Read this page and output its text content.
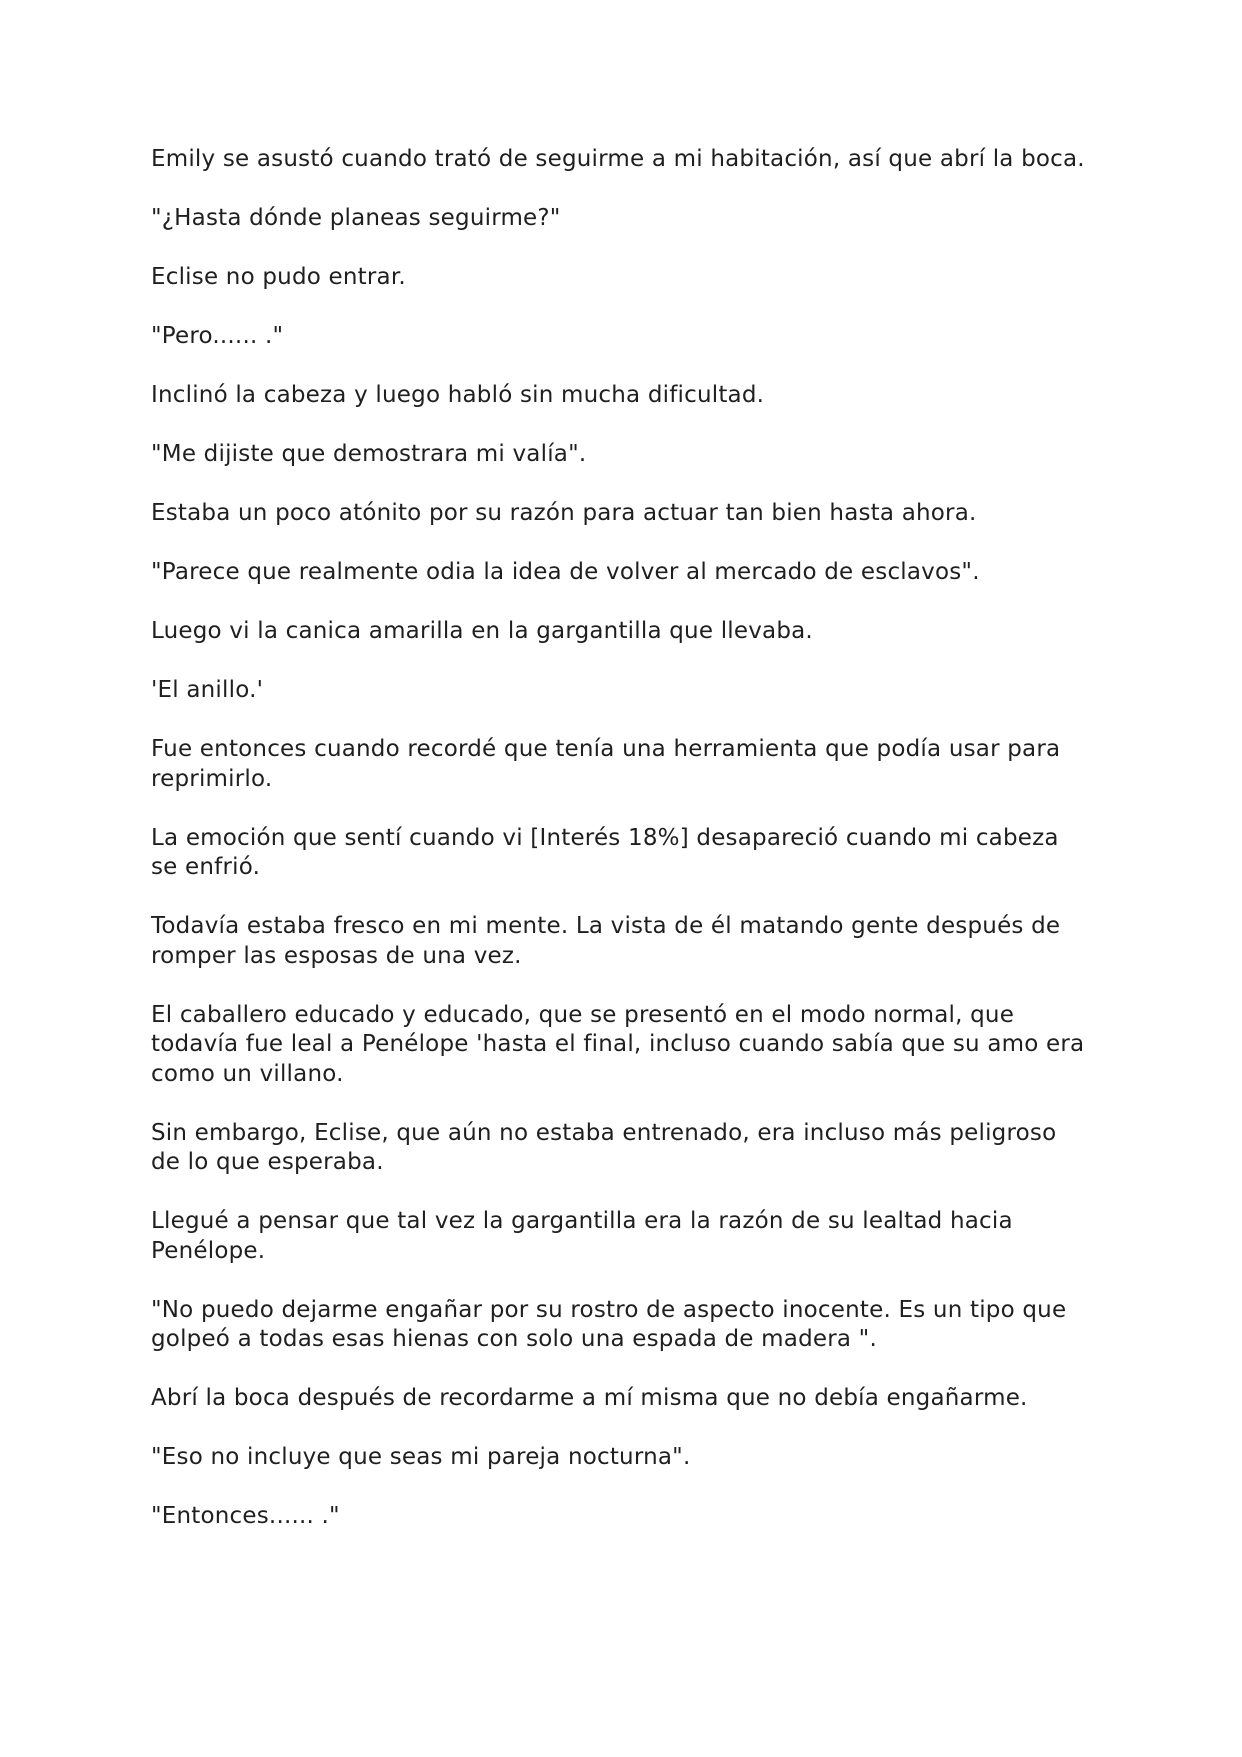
Emily se asustó cuando trató de seguirme a mi habitación, así que abrí la boca.

"¿Hasta dónde planeas seguirme?"

Eclise no pudo entrar.

"Pero...... ."

Inclinó la cabeza y luego habló sin mucha dificultad.

"Me dijiste que demostrara mi valía".

Estaba un poco atónito por su razón para actuar tan bien hasta ahora.

"Parece que realmente odia la idea de volver al mercado de esclavos".

Luego vi la canica amarilla en la gargantilla que llevaba.

'El anillo.'

Fue entonces cuando recordé que tenía una herramienta que podía usar para reprimirlo.

La emoción que sentí cuando vi [Interés 18%] desapareció cuando mi cabeza se enfrió.

Todavía estaba fresco en mi mente. La vista de él matando gente después de romper las esposas de una vez.

El caballero educado y educado, que se presentó en el modo normal, que todavía fue leal a Penélope 'hasta el final, incluso cuando sabía que su amo era como un villano.

Sin embargo, Eclise, que aún no estaba entrenado, era incluso más peligroso de lo que esperaba.

Llegué a pensar que tal vez la gargantilla era la razón de su lealtad hacia Penélope.

"No puedo dejarme engañar por su rostro de aspecto inocente. Es un tipo que golpeó a todas esas hienas con solo una espada de madera ".

Abrí la boca después de recordarme a mí misma que no debía engañarme.

"Eso no incluye que seas mi pareja nocturna".

"Entonces...... ."
